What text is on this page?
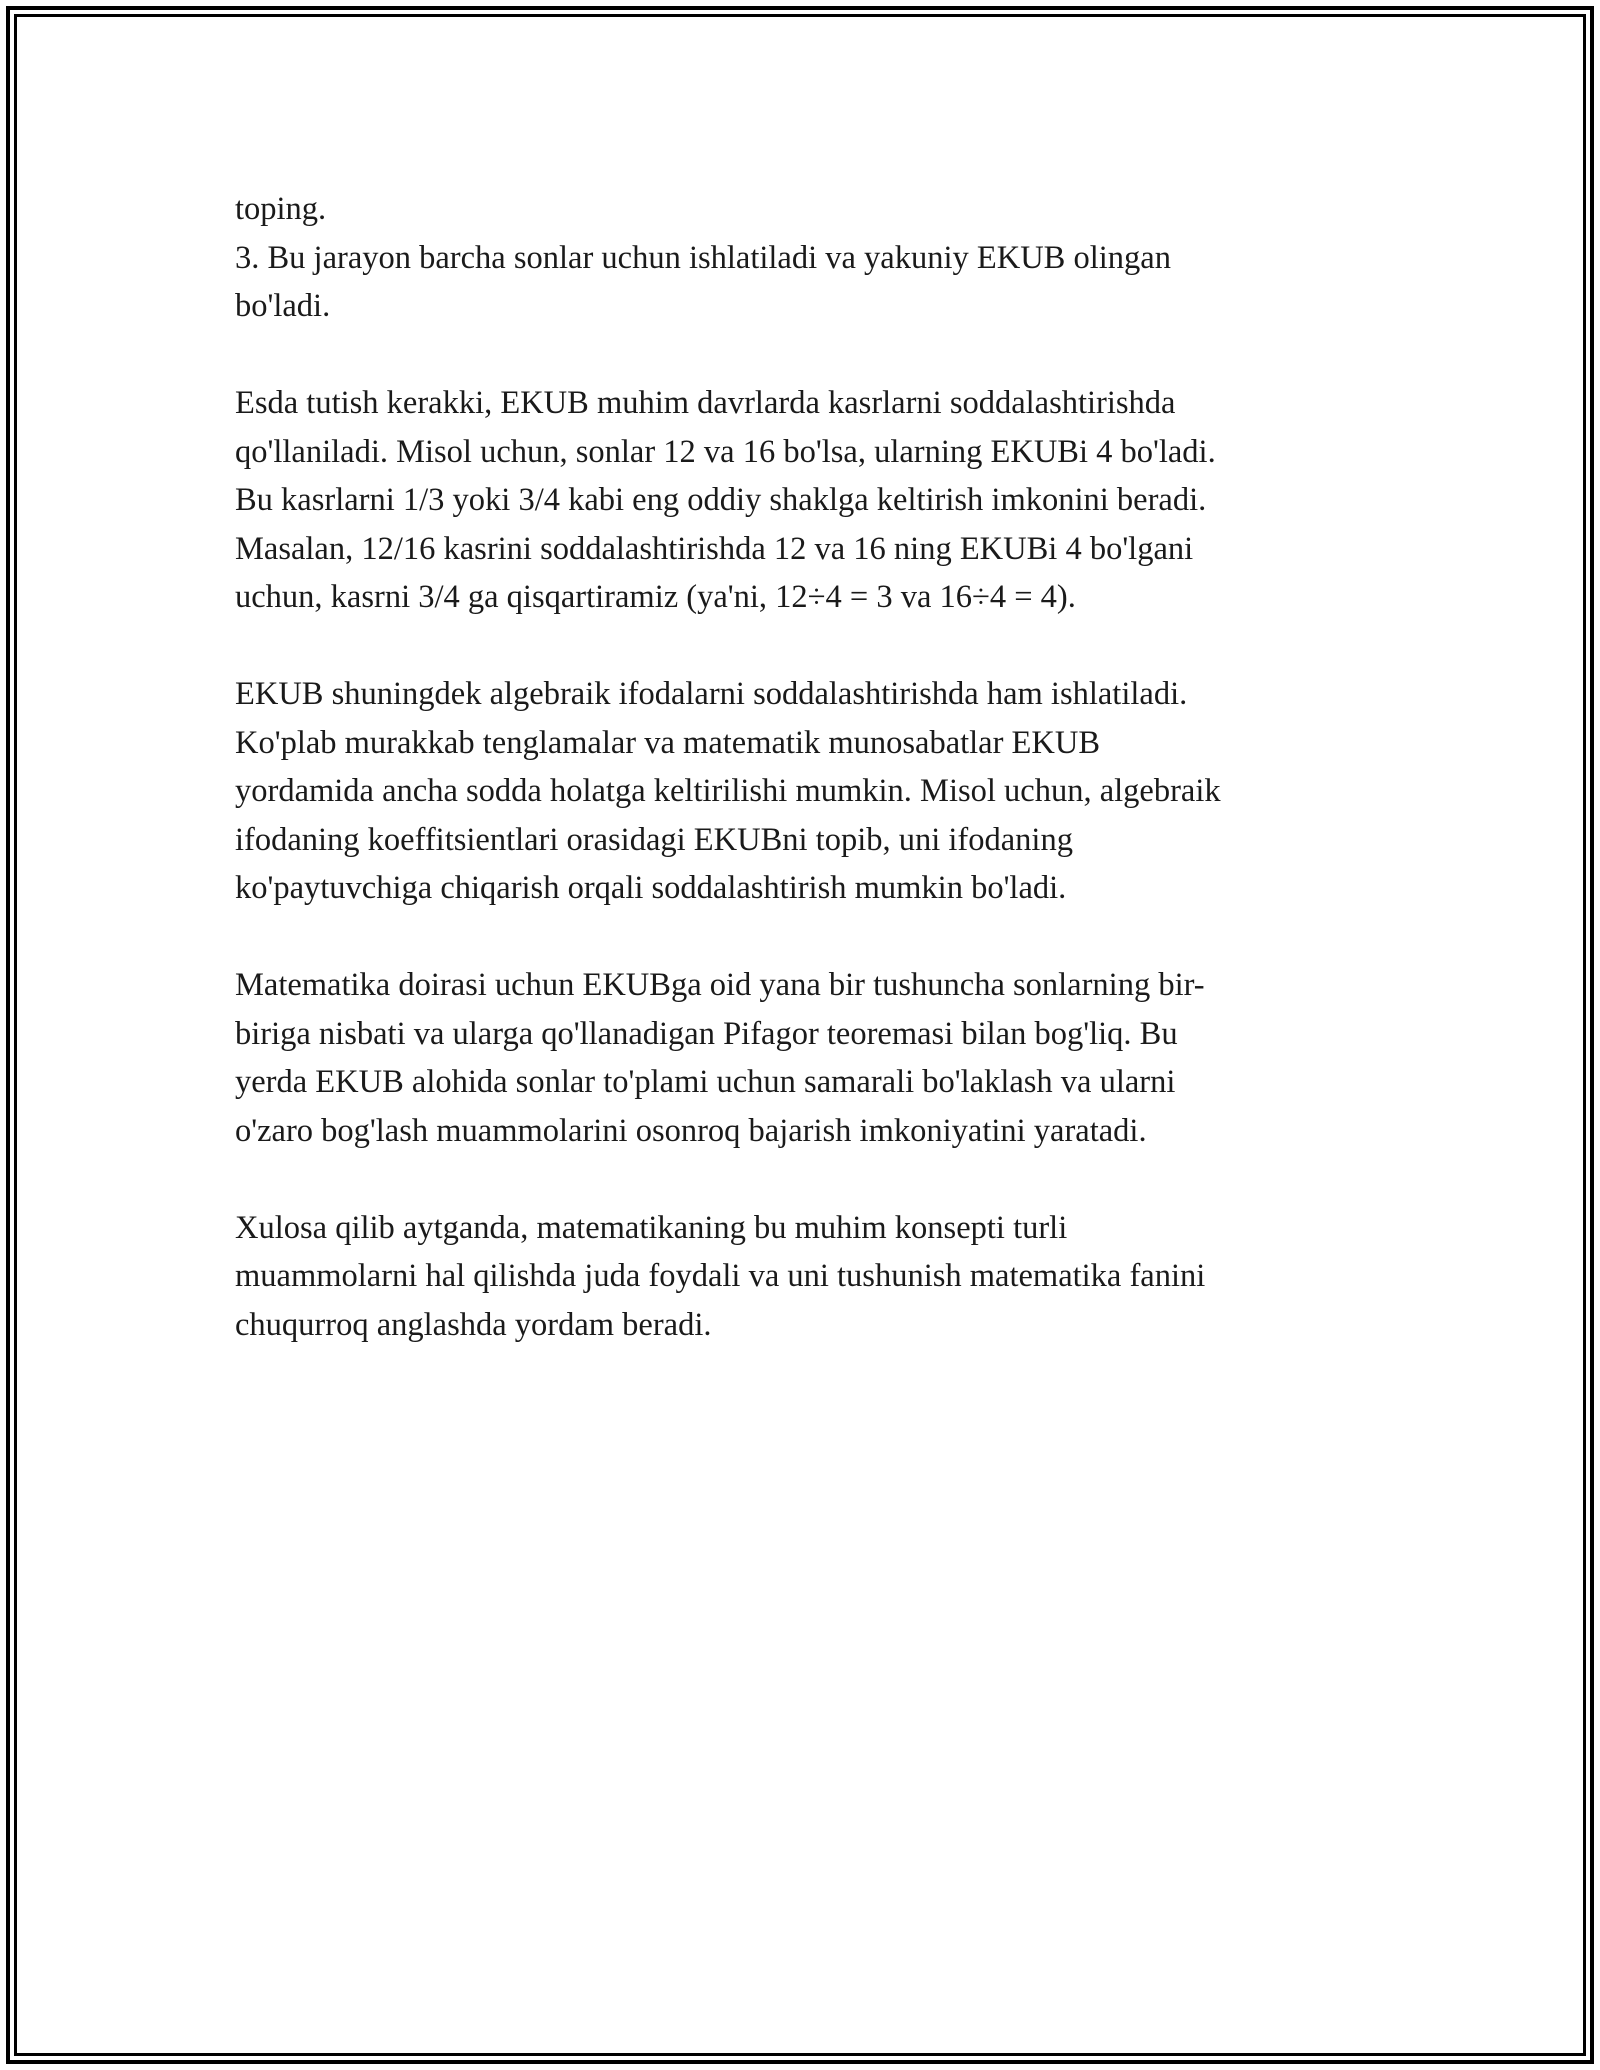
toping.
3. Bu jarayon barcha sonlar uchun ishlatiladi va yakuniy EKUB olingan
bo'ladi.
Esda tutish kerakki, EKUB muhim davrlarda kasrlarni soddalashtirishda
qo'llaniladi. Misol uchun, sonlar 12 va 16 bo'lsa, ularning EKUBi 4 bo'ladi.
Bu kasrlarni 1/3 yoki 3/4 kabi eng oddiy shaklga keltirish imkonini beradi.
Masalan, 12/16 kasrini soddalashtirishda 12 va 16 ning EKUBi 4 bo'lgani
uchun, kasrni 3/4 ga qisqartiramiz (ya'ni, 12÷4 = 3 va 16÷4 = 4).
EKUB shuningdek algebraik ifodalarni soddalashtirishda ham ishlatiladi.
Ko'plab murakkab tenglamalar va matematik munosabatlar EKUB
yordamida ancha sodda holatga keltirilishi mumkin. Misol uchun, algebraik
ifodaning koeffitsientlari orasidagi EKUBni topib, uni ifodaning
ko'paytuvchiga chiqarish orqali soddalashtirish mumkin bo'ladi.
Matematika doirasi uchun EKUBga oid yana bir tushuncha sonlarning bir-
biriga nisbati va ularga qo'llanadigan Pifagor teoremasi bilan bog'liq. Bu
yerda EKUB alohida sonlar to'plami uchun samarali bo'laklash va ularni
o'zaro bog'lash muammolarini osonroq bajarish imkoniyatini yaratadi.
Xulosa qilib aytganda, matematikaning bu muhim konsepti turli
muammolarni hal qilishda juda foydali va uni tushunish matematika fanini
chuqurroq anglashda yordam beradi.
